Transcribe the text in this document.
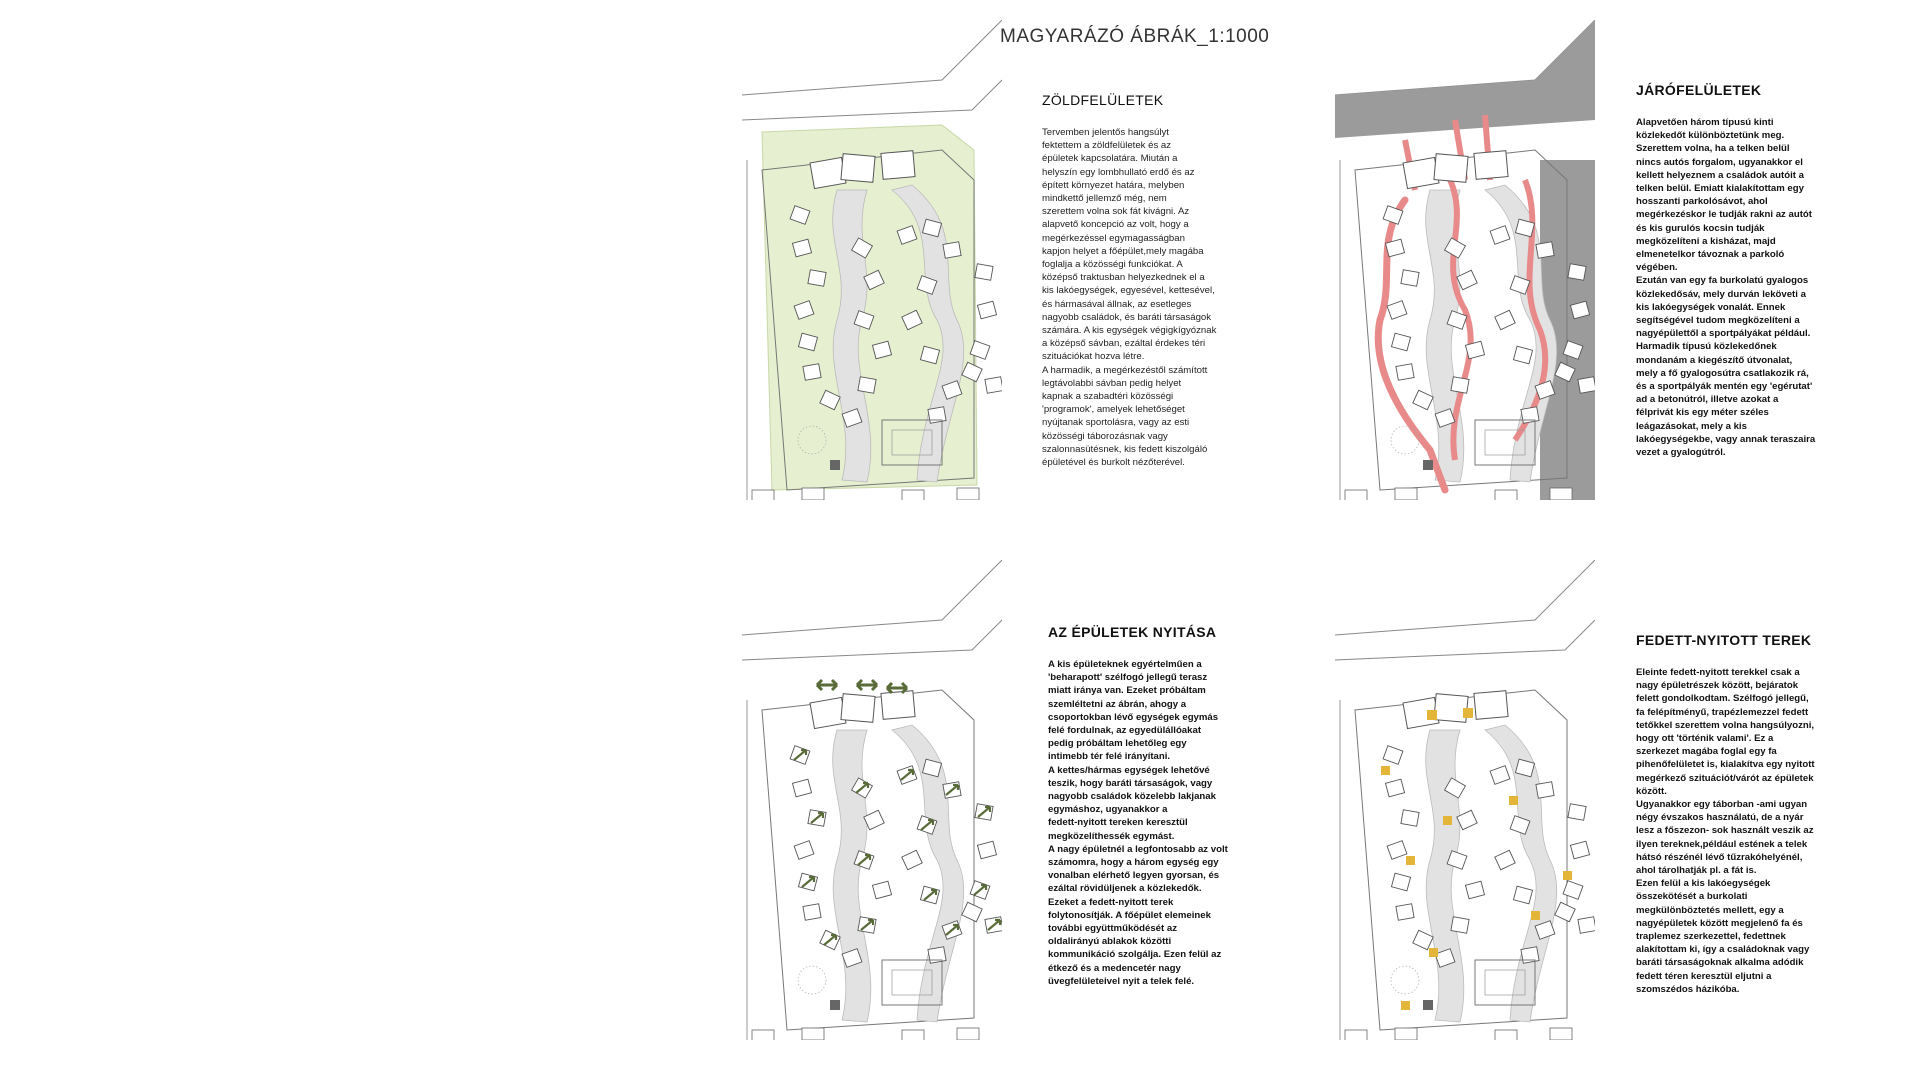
MAGYARÁZÓ ÁBRÁK_1:1000
ZÖLDFELÜLETEK
Tervemben jelentős hangsúlyt
fektettem a zöldfelületek és az
épületek kapcsolatára. Miután a
helyszín egy lombhullató erdő és az
épített környezet határa, melyben
mindkettő jellemző még, nem
szerettem volna sok fát kivágni. Az
alapvető koncepció az volt, hogy a
megérkezéssel egymagasságban
kapjon helyet a főépület,mely magába
foglalja a közösségi funkciókat. A
középső traktusban helyezkednek el a
kis lakóegységek, egyesével, kettesével,
és hármasával állnak, az esetleges
nagyobb családok, és baráti társaságok
számára. A kis egységek végigkígyóznak
a középső sávban, ezáltal érdekes téri
szituációkat hozva létre.
A harmadik, a megérkezéstől számított
legtávolabbi sávban pedig helyet
kapnak a szabadtéri közösségi
'programok', amelyek lehetőséget
nyújtanak sportolásra, vagy az esti
közösségi táborozásnak vagy
szalonnasütésnek, kis fedett kiszolgáló
épületével és burkolt nézőterével.
JÁRÓFELÜLETEK
Alapvetően három típusú kinti
közlekedőt különböztetünk meg.
Szerettem volna, ha a telken belül
nincs autós forgalom, ugyanakkor el
kellett helyeznem a családok autóit a
telken belül. Emiatt kialakítottam egy
hosszanti parkolósávot, ahol
megérkezéskor le tudják rakni az autót
és kis gurulós kocsin tudják
megközelíteni a kisházat, majd
elmenetelkor távoznak a parkoló
végében.
Ezután van egy fa burkolatú gyalogos
közlekedősáv, mely durván leköveti a
kis lakóegységek vonalát. Ennek
segítségével tudom megközelíteni a
nagyépülettől a sportpályákat például.
Harmadik típusú közlekedőnek
mondanám a kiegészítő útvonalat,
mely a fő gyalogosútra csatlakozik rá,
és a sportpályák mentén egy 'egérutat'
ad a betonútról, illetve azokat a
félprivát kis egy méter széles
leágazásokat, mely a kis
lakóegységekbe, vagy annak teraszaira
vezet a gyalogútról.
AZ ÉPÜLETEK NYITÁSA
A kis épületeknek egyértelműen a
'beharapott' szélfogó jellegű terasz
miatt iránya van. Ezeket próbáltam
szemléltetni az ábrán, ahogy a
csoportokban lévő egységek egymás
felé fordulnak, az egyedülállóakat
pedig próbáltam lehetőleg egy
intimebb tér felé irányítani.
A kettes/hármas egységek lehetővé
teszik, hogy baráti társaságok, vagy
nagyobb családok közelebb lakjanak
egymáshoz, ugyanakkor a
fedett-nyitott tereken keresztül
megközelíthessék egymást.
A nagy épületnél a legfontosabb az volt
számomra, hogy a három egység egy
vonalban elérhető legyen gyorsan, és
ezáltal rövidüljenek a közlekedők.
Ezeket a fedett-nyitott terek
folytonosítják. A főépület elemeinek
további együttműködését az
oldalirányú ablakok közötti
kommunikáció szolgálja. Ezen felül az
étkező és a medencetér nagy
üvegfelületeivel nyit a telek felé.
FEDETT-NYITOTT TEREK
Eleinte fedett-nyitott terekkel csak a
nagy épületrészek között, bejáratok
felett gondolkodtam. Szélfogó jellegű,
fa felépítményű, trapézlemezzel fedett
tetőkkel szerettem volna hangsúlyozni,
hogy ott 'történik valami'. Ez a
szerkezet magába foglal egy fa
pihenőfelületet is, kialakítva egy nyitott
megérkező szituációt/várót az épületek
között.
Ugyanakkor egy táborban -ami ugyan
négy évszakos használatú, de a nyár
lesz a főszezon- sok használt veszik az
ilyen tereknek,például estének a telek
hátsó részénél lévő tűzrakóhelyénél,
ahol tárolhatják pl. a fát is.
Ezen felül a kis lakóegységek
összekötését a burkolati
megkülönböztetés mellett, egy a
nagyépületek között megjelenő fa és
traplemez szerkezettel, fedettnek
alakítottam ki, így a családoknak vagy
baráti társaságoknak alkalma adódik
fedett téren keresztül eljutni a
szomszédos házikóba.
